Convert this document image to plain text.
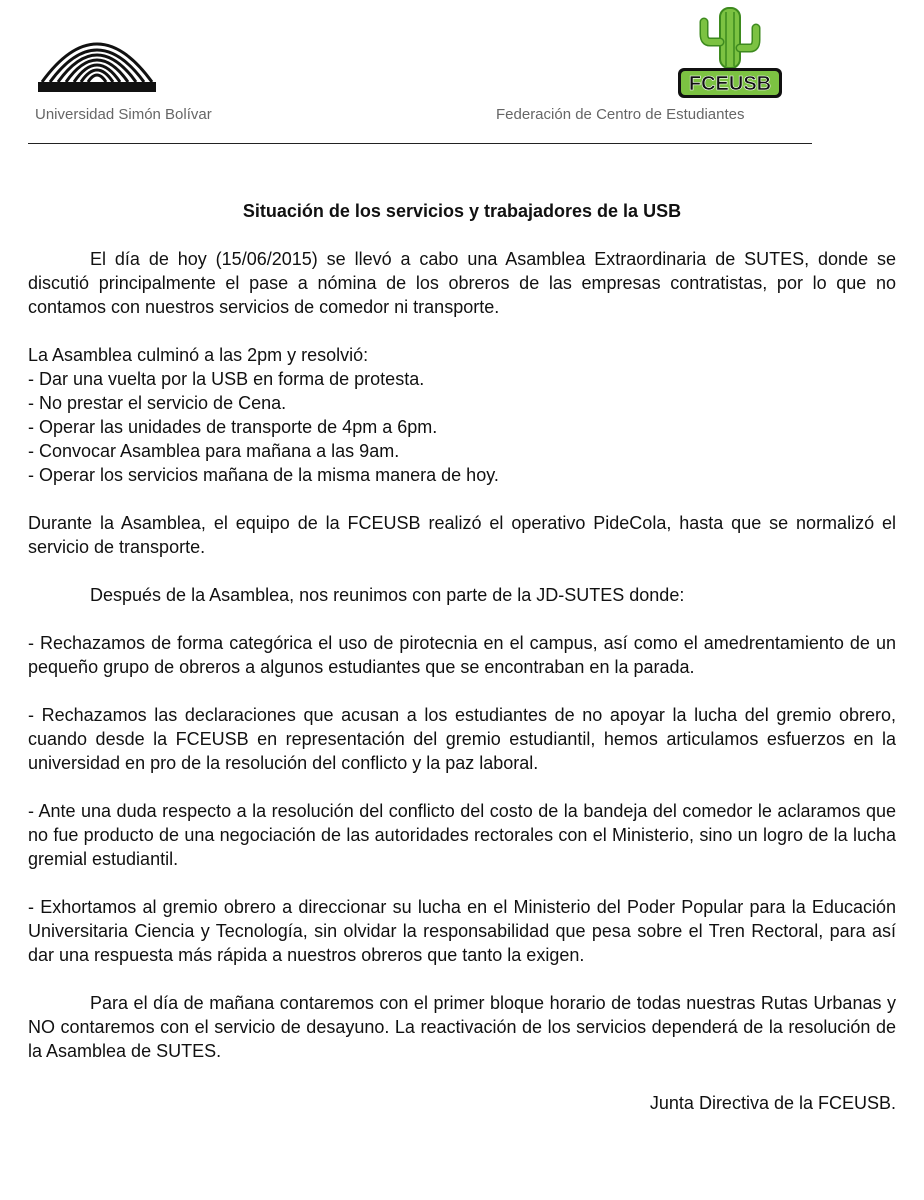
FCEUSB
Universidad Simón Bolívar	Federación de Centro de Estudiantes
Situación de los servicios y trabajadores de la USB

El día de hoy (15/06/2015) se llevó a cabo una Asamblea Extraordinaria de SUTES, donde se discutió principalmente el pase a nómina de los obreros de las empresas contratistas, por lo que no contamos con nuestros servicios de comedor ni transporte.

La Asamblea culminó a las 2pm y resolvió:
- Dar una vuelta por la USB en forma de protesta.
- No prestar el servicio de Cena.
- Operar las unidades de transporte de 4pm a 6pm.
- Convocar Asamblea para mañana a las 9am.
- Operar los servicios mañana de la misma manera de hoy.

Durante la Asamblea, el equipo de la FCEUSB realizó el operativo PideCola, hasta que se normalizó el servicio de transporte.

Después de la Asamblea, nos reunimos con parte de la JD-SUTES donde:

- Rechazamos de forma categórica el uso de pirotecnia en el campus, así como el amedrentamiento de un pequeño grupo de obreros a algunos estudiantes que se encontraban en la parada.

- Rechazamos las declaraciones que acusan a los estudiantes de no apoyar la lucha del gremio obrero, cuando desde la FCEUSB en representación del gremio estudiantil, hemos articulamos esfuerzos en la universidad en pro de la resolución del conflicto y la paz laboral.

- Ante una duda respecto a la resolución del conflicto del costo de la bandeja del comedor le aclaramos que no fue producto de una negociación de las autoridades rectorales con el Ministerio, sino un logro de la lucha gremial estudiantil.

- Exhortamos al gremio obrero a direccionar su lucha en el Ministerio del Poder Popular para la Educación Universitaria Ciencia y Tecnología, sin olvidar la responsabilidad que pesa sobre el Tren Rectoral, para así dar una respuesta más rápida a nuestros obreros que tanto la exigen.

Para el día de mañana contaremos con el primer bloque horario de todas nuestras Rutas Urbanas y NO contaremos con el servicio de desayuno. La reactivación de los servicios dependerá de la resolución de la Asamblea de SUTES.

Junta Directiva de la FCEUSB.
